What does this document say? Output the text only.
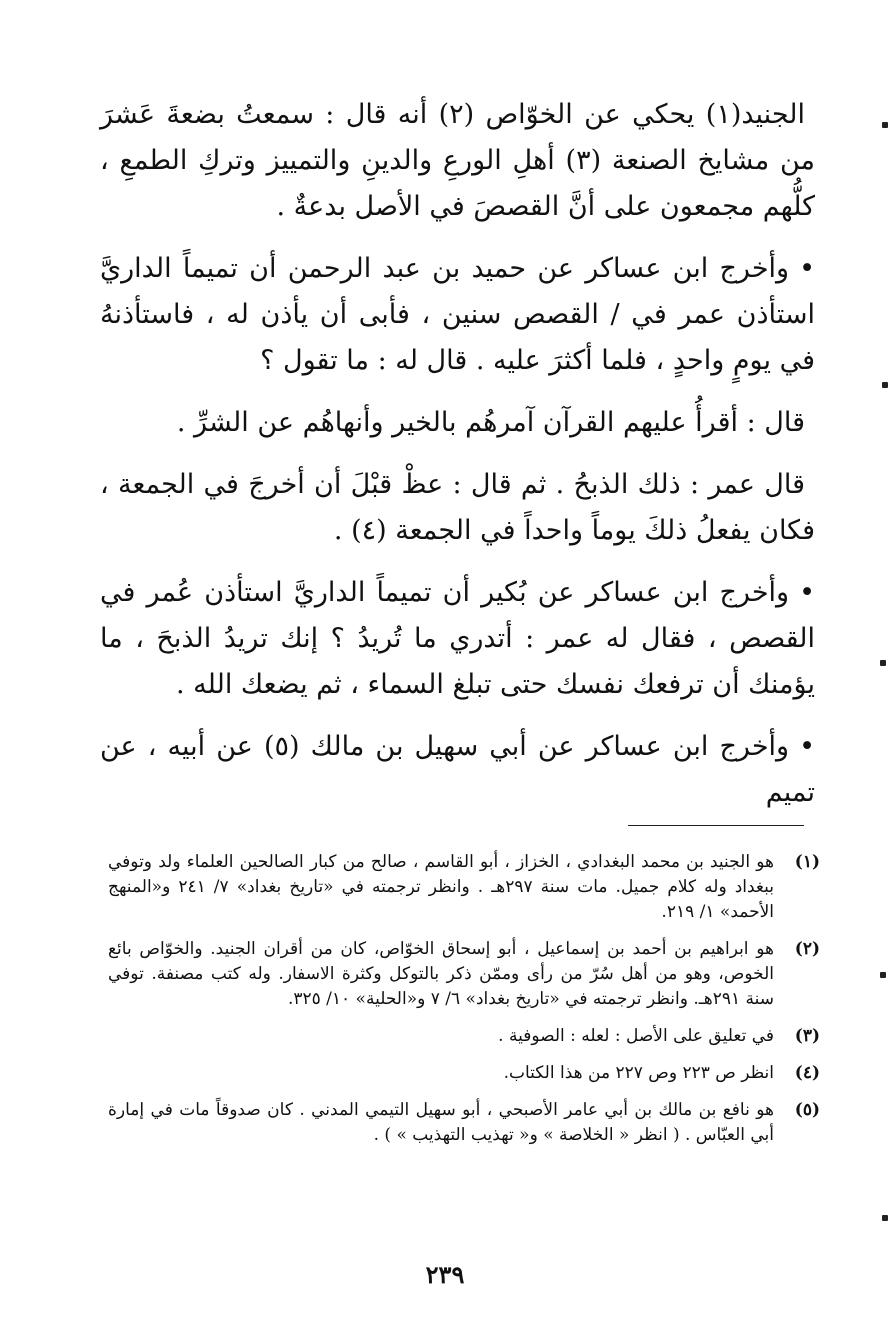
الجنيد(١) يحكي عن الخوّاص (٢) أنه قال : سمعتُ بضعةَ عَشرَ من مشايخ الصنعة (٣) أهلِ الورعِ والدينِ والتمييز وتركِ الطمعِ ، كلُّهم مجمعون على أنَّ القصصَ في الأصل بدعةٌ .

•وأخرج ابن عساكر عن حميد بن عبد الرحمن أن تميماً الداريَّ استأذن عمر في / القصص سنين ، فأبى أن يأذن له ، فاستأذنهُ في يومٍ واحدٍ ، فلما أكثرَ عليه . قال له : ما تقول ؟

قال : أقرأُ عليهم القرآن آمرهُم بالخير وأنهاهُم عن الشرِّ .

قال عمر : ذلك الذبحُ . ثم قال : عظْ قبْلَ أن أخرجَ في الجمعة ، فكان يفعلُ ذلكَ يوماً واحداً في الجمعة (٤) .

•وأخرج ابن عساكر عن بُكير أن تميماً الداريَّ استأذن عُمر في القصص ، فقال له عمر : أتدري ما تُريدُ ؟ إنك تريدُ الذبحَ ، ما يؤمنك أن ترفعك نفسك حتى تبلغ السماء ، ثم يضعك الله .

•وأخرج ابن عساكر عن أبي سهيل بن مالك (٥) عن أبيه ، عن تميم

(١)
هو الجنيد بن محمد البغدادي ، الخزاز ، أبو القاسم ، صالح من كبار الصالحين العلماء ولد وتوفي ببغداد وله كلام جميل. مات سنة ٢٩٧هـ . وانظر ترجمته في «تاريخ بغداد» ٧/ ٢٤١ و«المنهج الأحمد» ١/ ٢١٩.
(٢)
هو ابراهيم بن أحمد بن إسماعيل ، أبو إسحاق الخوّاص، كان من أقران الجنيد. والخوّاص بائع الخوص، وهو من أهل سُرّ من رأى وممّن ذكر بالتوكل وكثرة الاسفار. وله كتب مصنفة. توفي سنة ٢٩١هـ. وانظر ترجمته في «تاريخ بغداد» ٦/ ٧ و«الحلية» ١٠/ ٣٢٥.
(٣)
في تعليق على الأصل : لعله : الصوفية .
(٤)
انظر ص ٢٢٣ وص ٢٢٧ من هذا الكتاب.
(٥)
هو نافع بن مالك بن أبي عامر الأصبحي ، أبو سهيل التيمي المدني . كان صدوقاً مات في إمارة أبي العبّاس . ( انظر « الخلاصة » و« تهذيب التهذيب » ) .
٢٣٩
